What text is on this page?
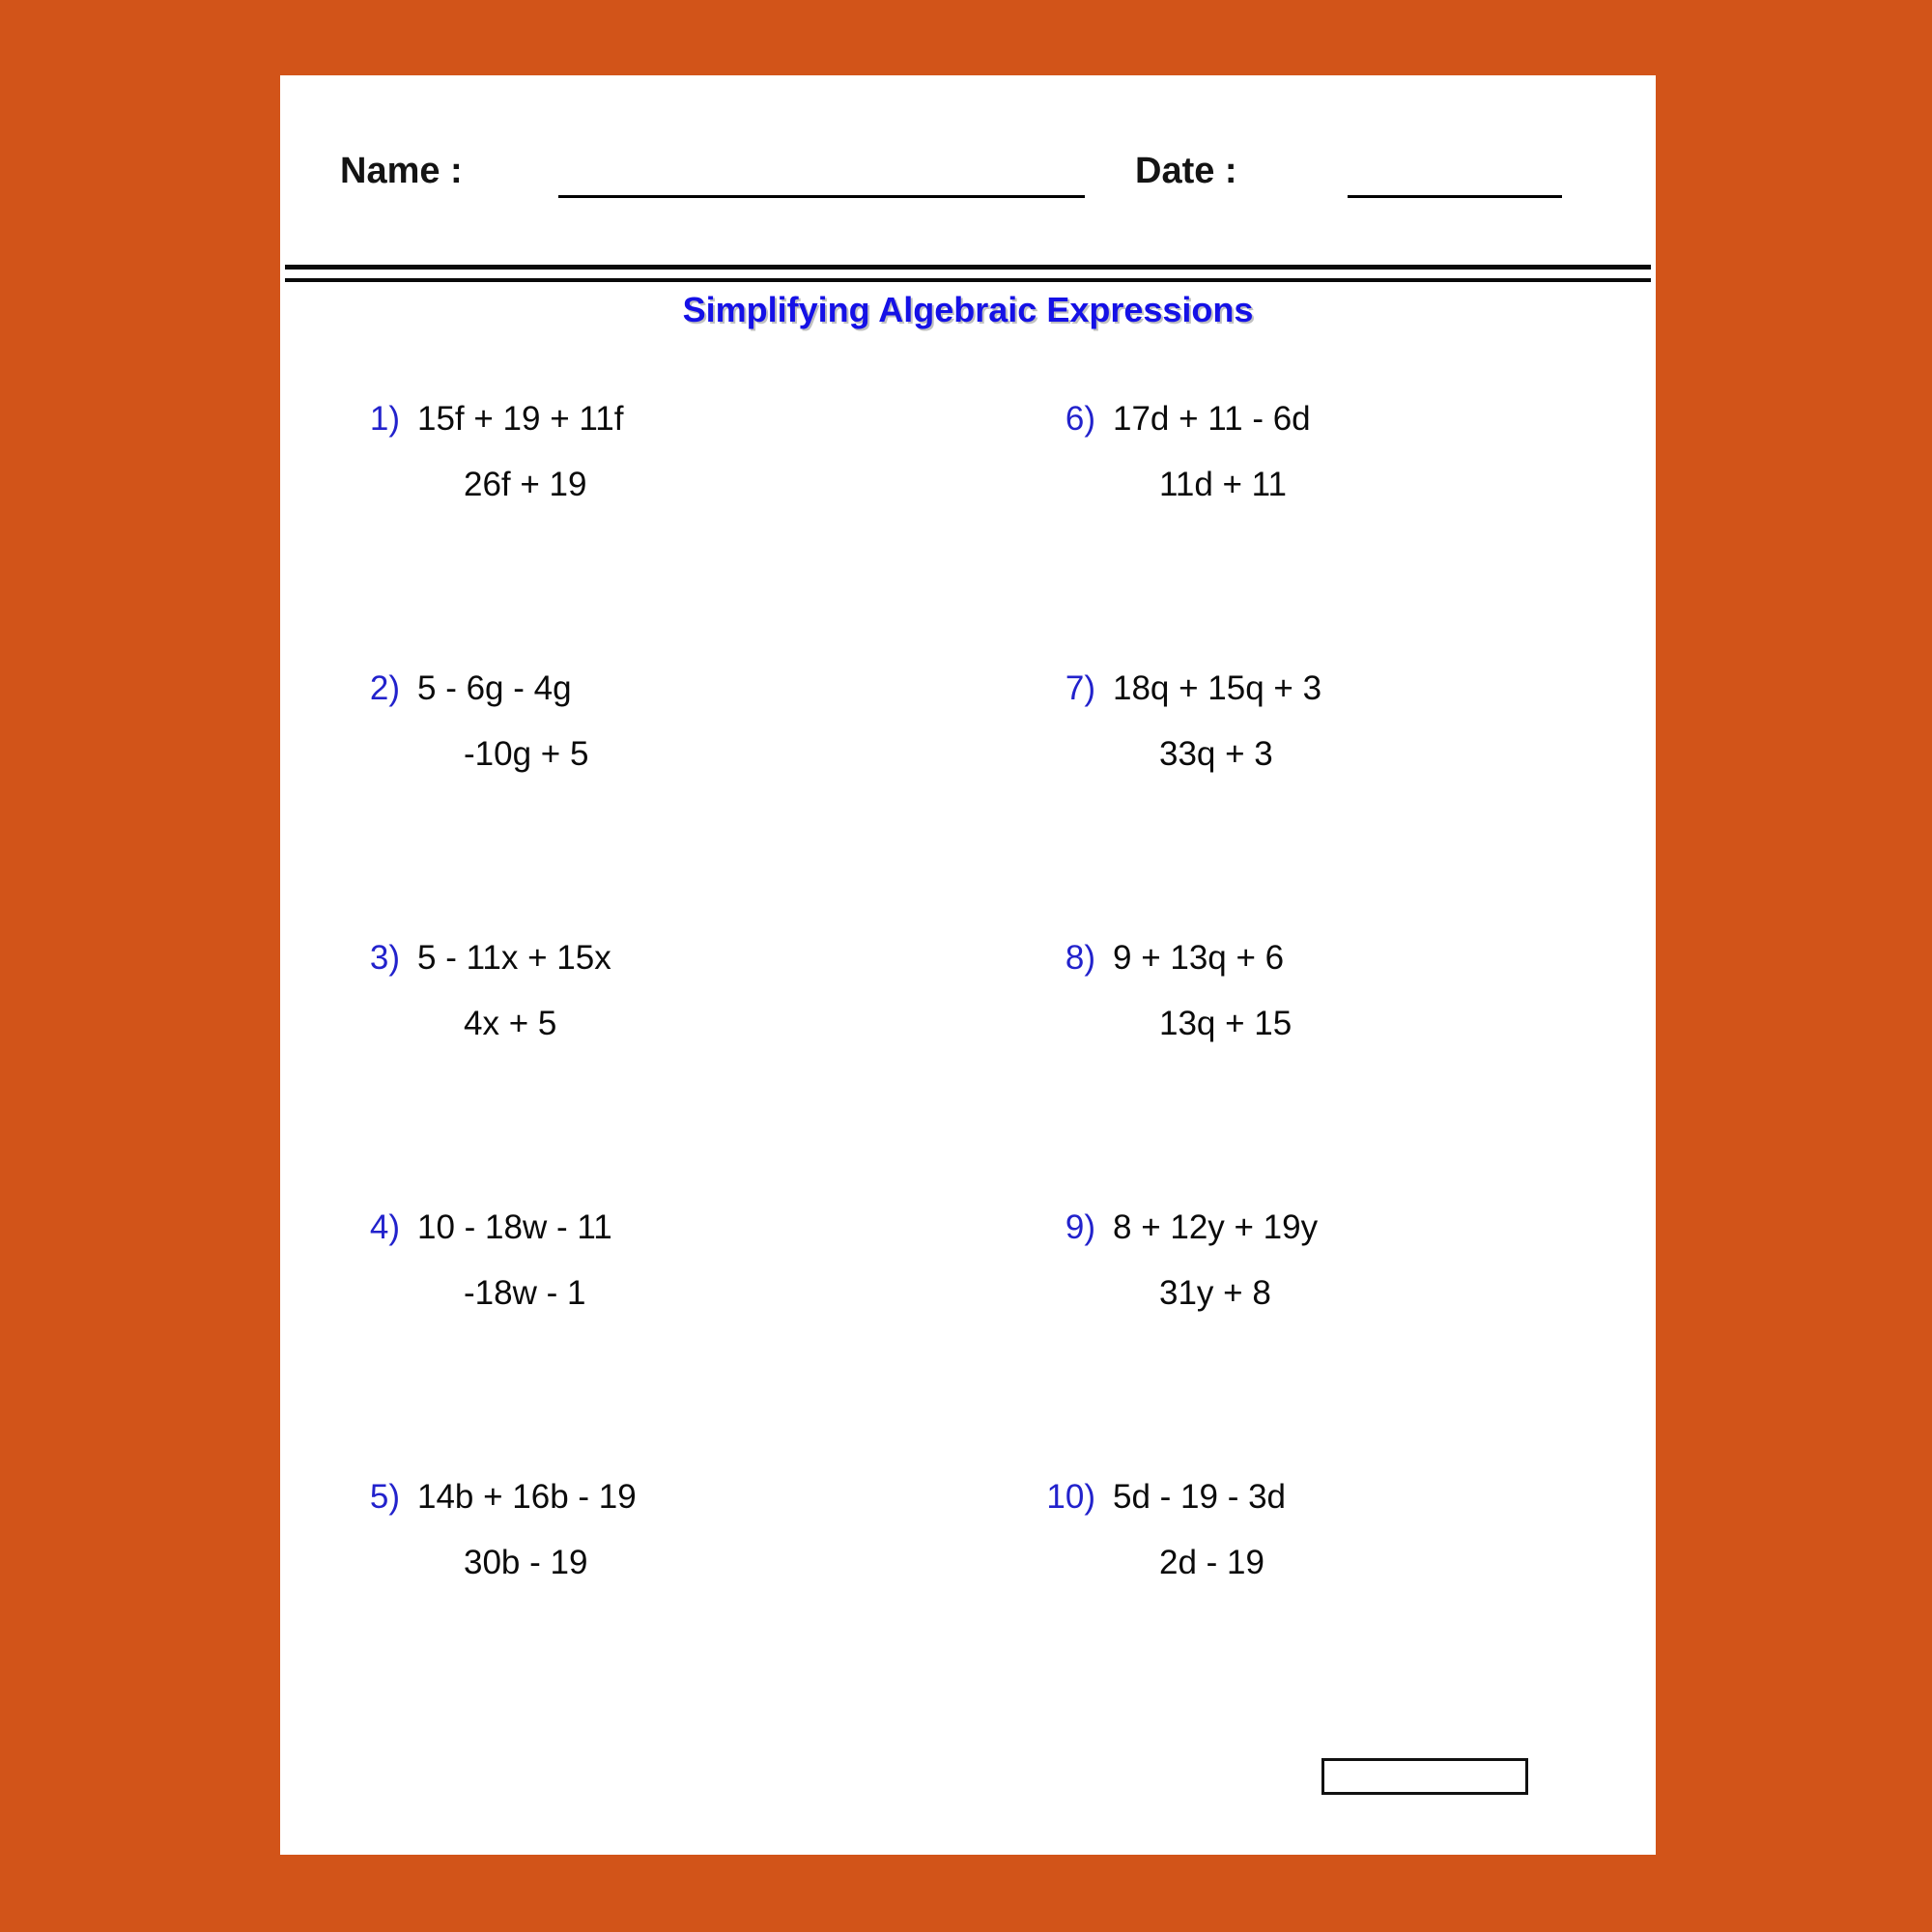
Name :	Date :
Simplifying Algebraic Expressions
1) 15f + 19 + 11f
26f + 19
2) 5 - 6g - 4g
-10g + 5
3) 5 - 11x + 15x
4x + 5
4) 10 - 18w - 11
-18w - 1
5) 14b + 16b - 19
30b - 19
6) 17d + 11 - 6d
11d + 11
7) 18q + 15q + 3
33q + 3
8) 9 + 13q + 6
13q + 15
9) 8 + 12y + 19y
31y + 8
10) 5d - 19 - 3d
2d - 19
